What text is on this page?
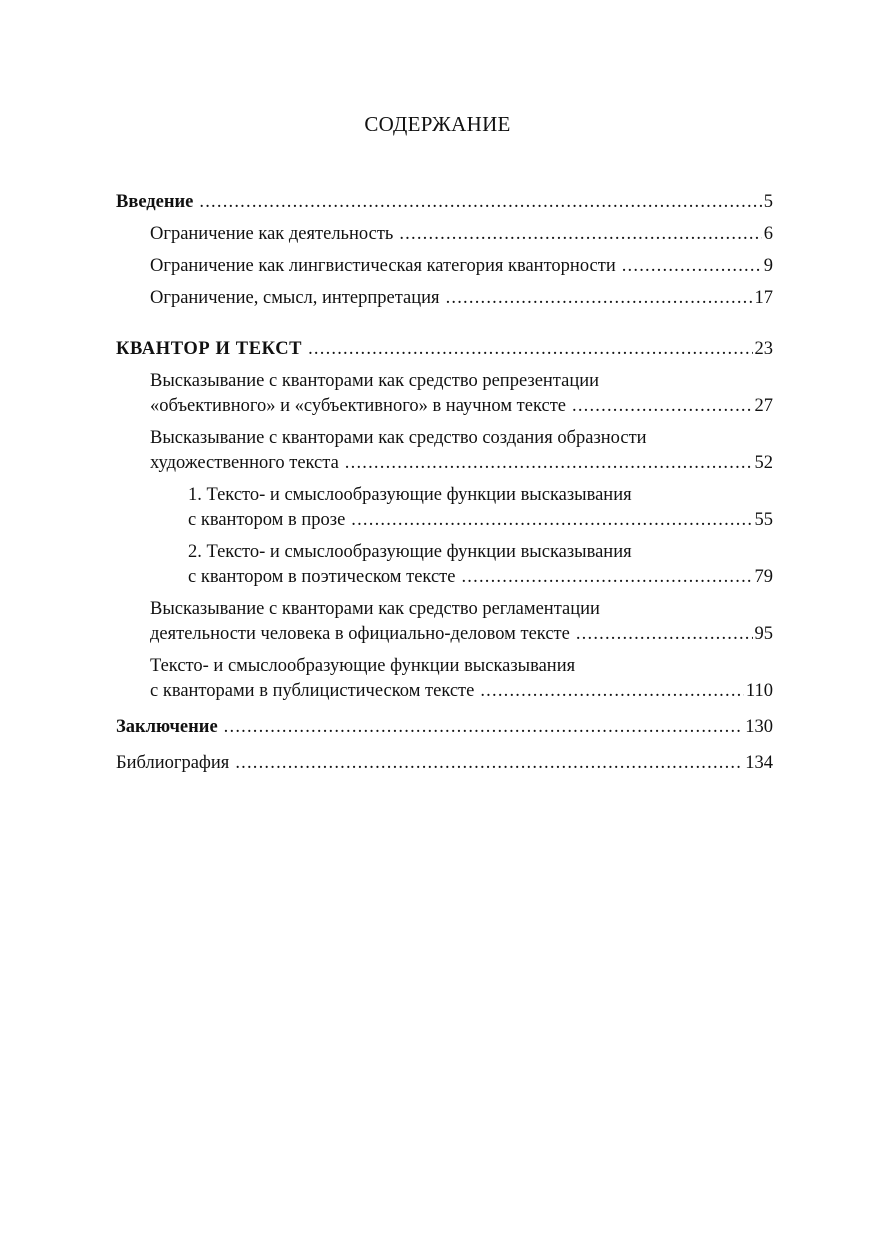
СОДЕРЖАНИЕ
Введение .....	5
Ограничение как деятельность .....	6
Ограничение как лингвистическая категория кванторности .....	9
Ограничение, смысл, интерпретация .....	17
КВАНТОР И ТЕКСТ .....	23
Высказывание с кванторами как средство репрезентации
«объективного» и «субъективного» в научном тексте .....	27
Высказывание с кванторами как средство создания образности
художественного текста .....	52
1. Тексто- и смыслообразующие функции высказывания
с квантором в прозе .....	55
2. Тексто- и смыслообразующие функции высказывания
с квантором в поэтическом тексте .....	79
Высказывание с кванторами как средство регламентации
деятельности человека в официально-деловом тексте .....	95
Тексто- и смыслообразующие функции высказывания
с кванторами в публицистическом тексте .....	110
Заключение .....	130
Библиография .....	134
